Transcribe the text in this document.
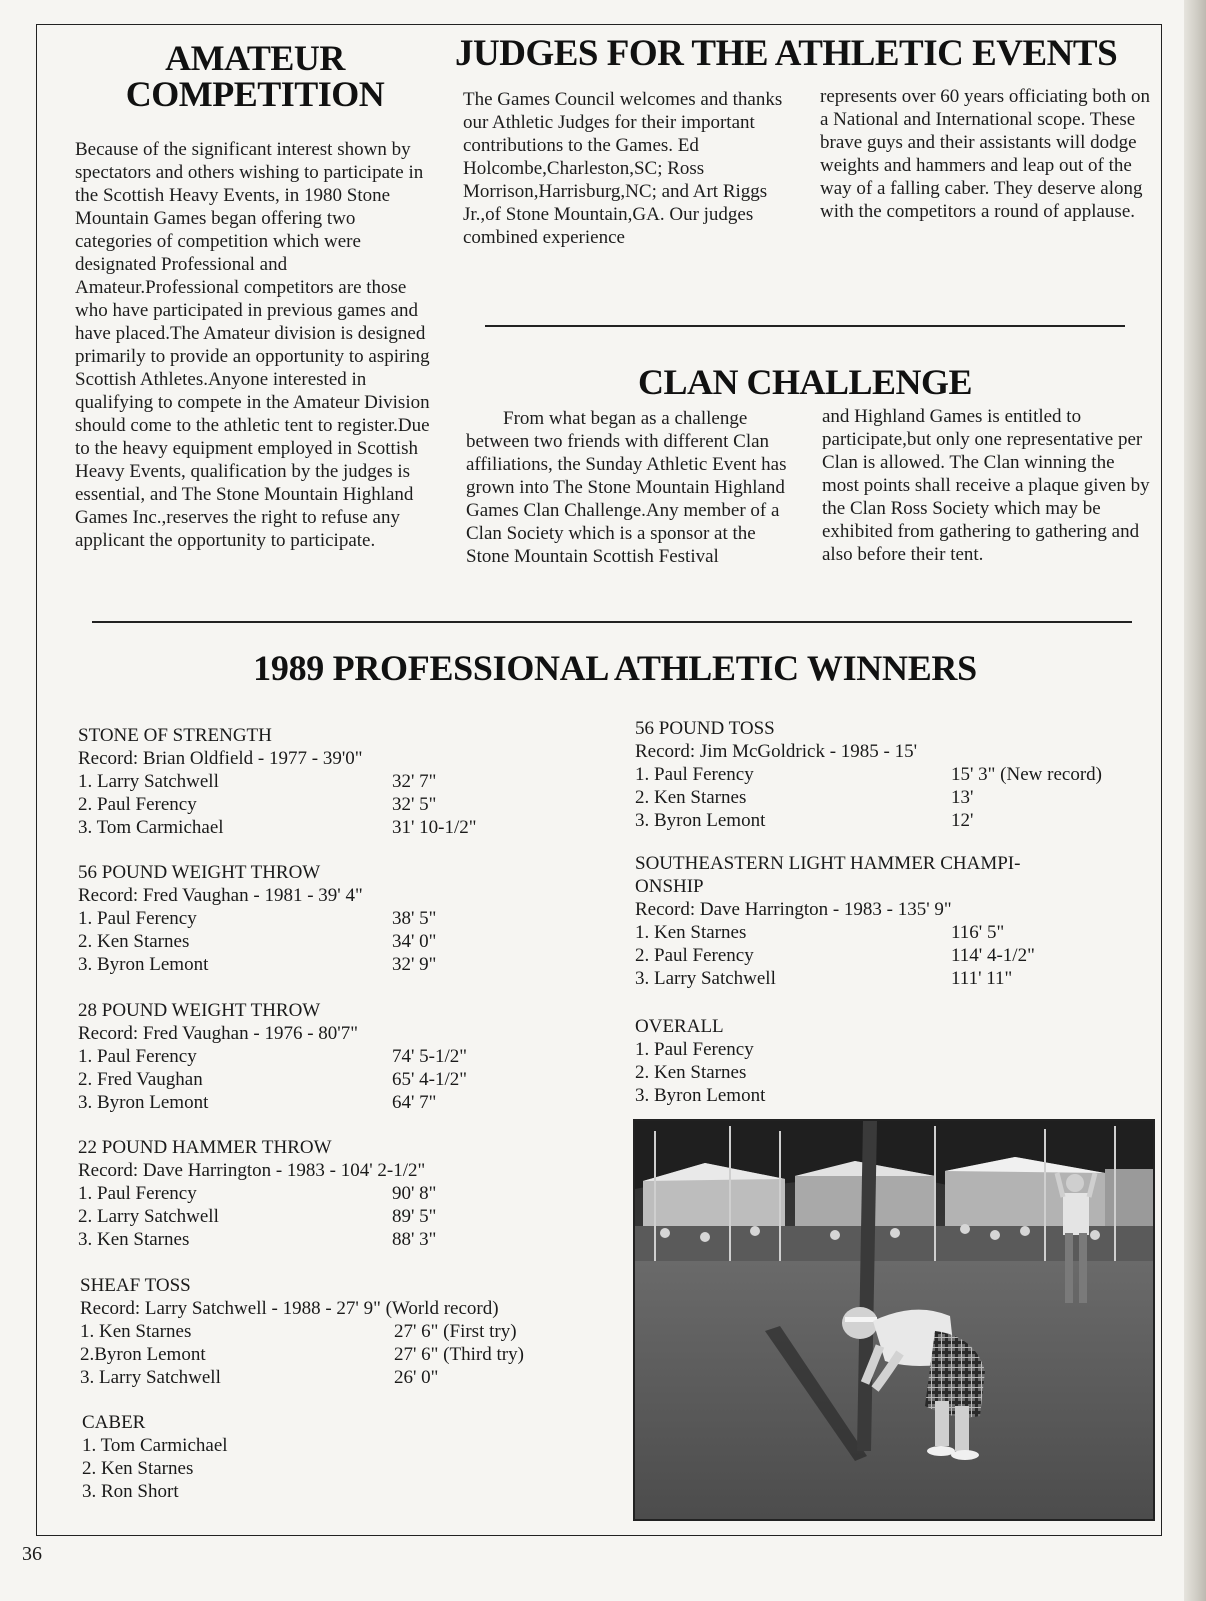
AMATEUR
COMPETITION

Because of the significant interest shown by spectators and others wishing to participate in the Scottish Heavy Events, in 1980 Stone Mountain Games began offering two categories of competition which were designated Professional and Amateur.Professional competitors are those who have participated in previous games and have placed.The Amateur division is designed primarily to provide an opportunity to aspiring Scottish Athletes.Anyone interested in qualifying to compete in the Amateur Division should come to the athletic tent to register.Due to the heavy equipment employed in Scottish Heavy Events, qualification by the judges is essential, and The Stone Mountain Highland Games Inc.,reserves the right to refuse any applicant the opportunity to participate.

JUDGES FOR THE ATHLETIC EVENTS

The Games Council welcomes and thanks our Athletic Judges for their important contributions to the Games. Ed Holcombe,Charleston,SC; Ross Morrison,Harrisburg,NC; and Art Riggs Jr.,of Stone Mountain,GA. Our judges combined experience

represents over 60 years officiating both on a National and International scope. These brave guys and their assistants will dodge weights and hammers and leap out of the way of a falling caber. They deserve along with the competitors a round of applause.

CLAN CHALLENGE

From what began as a challenge between two friends with different Clan affiliations, the Sunday Athletic Event has grown into The Stone Mountain Highland Games Clan Challenge.Any member of a Clan Society which is a sponsor at the Stone Mountain Scottish Festival

and Highland Games is entitled to participate,but only one representative per Clan is allowed. The Clan winning the most points shall receive a plaque given by the Clan Ross Society which may be exhibited from gathering to gathering and also before their tent.

1989 PROFESSIONAL ATHLETIC WINNERS
STONE OF STRENGTH
Record: Brian Oldfield - 1977 - 39'0"
1. Larry Satchwell	32' 7"
2. Paul Ferency	32' 5"
3. Tom Carmichael	31' 10-1/2"
56 POUND WEIGHT THROW
Record: Fred Vaughan - 1981 - 39' 4"
1. Paul Ferency	38' 5"
2. Ken Starnes	34' 0"
3. Byron Lemont	32' 9"
28 POUND WEIGHT THROW
Record: Fred Vaughan - 1976 - 80'7"
1. Paul Ferency	74' 5-1/2"
2. Fred Vaughan	65' 4-1/2"
3. Byron Lemont	64' 7"
22 POUND HAMMER THROW
Record: Dave Harrington - 1983 - 104' 2-1/2"
1. Paul Ferency	90' 8"
2. Larry Satchwell	89' 5"
3. Ken Starnes	88' 3"
SHEAF TOSS
Record: Larry Satchwell - 1988 - 27' 9" (World record)
1. Ken Starnes	27' 6" (First try)
2.Byron Lemont	27' 6" (Third try)
3. Larry Satchwell	26' 0"
CABER
1. Tom Carmichael
2. Ken Starnes
3. Ron Short
56 POUND TOSS
Record: Jim McGoldrick - 1985 - 15'
1. Paul Ferency	15' 3" (New record)
2. Ken Starnes	13'
3. Byron Lemont	12'
SOUTHEASTERN LIGHT HAMMER CHAMPI-
ONSHIP
Record: Dave Harrington - 1983 - 135' 9"
1. Ken Starnes	116' 5"
2. Paul Ferency	114' 4-1/2"
3. Larry Satchwell	111' 11"
OVERALL
1. Paul Ferency
2. Ken Starnes
3. Byron Lemont
36
